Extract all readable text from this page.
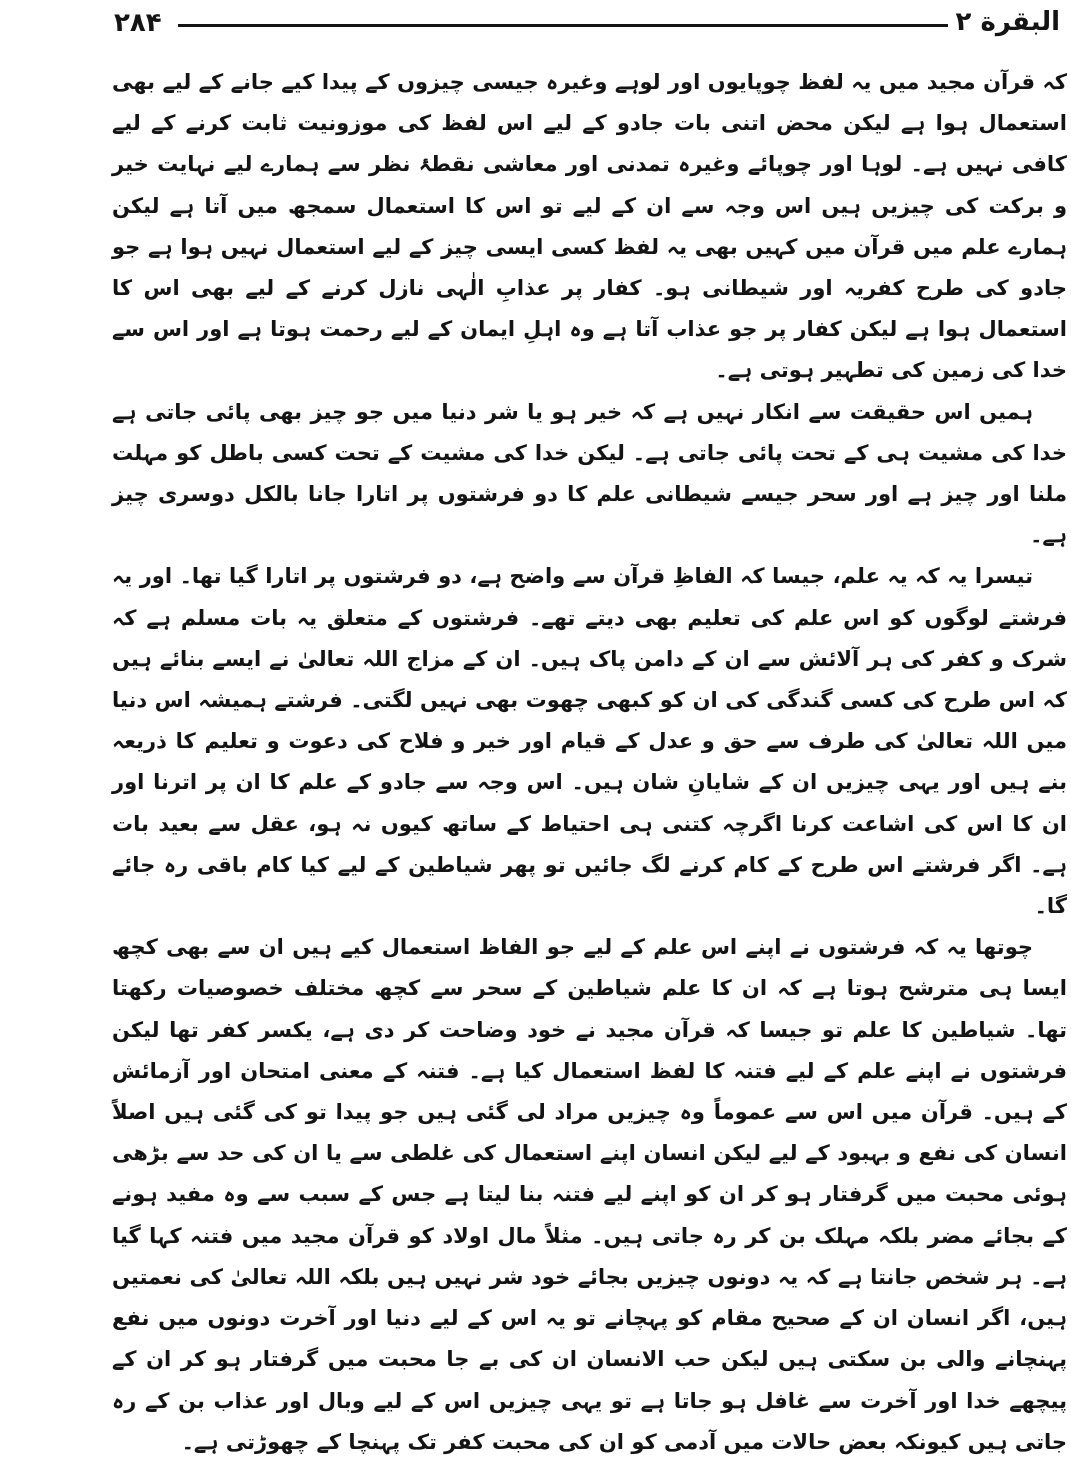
۲۸۴	البقرة ۲

کہ قرآن مجید میں یہ لفظ چوپایوں اور لوہے وغیرہ جیسی چیزوں کے پیدا کیے جانے کے لیے بھی استعمال ہوا ہے لیکن محض اتنی بات جادو کے لیے اس لفظ کی موزونیت ثابت کرنے کے لیے کافی نہیں ہے۔ لوہا اور چوپائے وغیرہ تمدنی اور معاشی نقطۂ نظر سے ہمارے لیے نہایت خیر و برکت کی چیزیں ہیں اس وجہ سے ان کے لیے تو اس کا استعمال سمجھ میں آتا ہے لیکن ہمارے علم میں قرآن میں کہیں بھی یہ لفظ کسی ایسی چیز کے لیے استعمال نہیں ہوا ہے جو جادو کی طرح کفریہ اور شیطانی ہو۔ کفار پر عذابِ الٰہی نازل کرنے کے لیے بھی اس کا استعمال ہوا ہے لیکن کفار پر جو عذاب آتا ہے وہ اہلِ ایمان کے لیے رحمت ہوتا ہے اور اس سے خدا کی زمین کی تطہیر ہوتی ہے۔

ہمیں اس حقیقت سے انکار نہیں ہے کہ خیر ہو یا شر دنیا میں جو چیز بھی پائی جاتی ہے خدا کی مشیت ہی کے تحت پائی جاتی ہے۔ لیکن خدا کی مشیت کے تحت کسی باطل کو مہلت ملنا اور چیز ہے اور سحر جیسے شیطانی علم کا دو فرشتوں پر اتارا جانا بالکل دوسری چیز ہے۔

تیسرا یہ کہ یہ علم، جیسا کہ الفاظِ قرآن سے واضح ہے، دو فرشتوں پر اتارا گیا تھا۔ اور یہ فرشتے لوگوں کو اس علم کی تعلیم بھی دیتے تھے۔ فرشتوں کے متعلق یہ بات مسلم ہے کہ شرک و کفر کی ہر آلائش سے ان کے دامن پاک ہیں۔ ان کے مزاج اللہ تعالیٰ نے ایسے بنائے ہیں کہ اس طرح کی کسی گندگی کی ان کو کبھی چھوت بھی نہیں لگتی۔ فرشتے ہمیشہ اس دنیا میں اللہ تعالیٰ کی طرف سے حق و عدل کے قیام اور خیر و فلاح کی دعوت و تعلیم کا ذریعہ بنے ہیں اور یہی چیزیں ان کے شایانِ شان ہیں۔ اس وجہ سے جادو کے علم کا ان پر اترنا اور ان کا اس کی اشاعت کرنا اگرچہ کتنی ہی احتیاط کے ساتھ کیوں نہ ہو، عقل سے بعید بات ہے۔ اگر فرشتے اس طرح کے کام کرنے لگ جائیں تو پھر شیاطین کے لیے کیا کام باقی رہ جائے گا۔

چوتھا یہ کہ فرشتوں نے اپنے اس علم کے لیے جو الفاظ استعمال کیے ہیں ان سے بھی کچھ ایسا ہی مترشح ہوتا ہے کہ ان کا علم شیاطین کے سحر سے کچھ مختلف خصوصیات رکھتا تھا۔ شیاطین کا علم تو جیسا کہ قرآن مجید نے خود وضاحت کر دی ہے، یکسر کفر تھا لیکن فرشتوں نے اپنے علم کے لیے فتنہ کا لفظ استعمال کیا ہے۔ فتنہ کے معنی امتحان اور آزمائش کے ہیں۔ قرآن میں اس سے عموماً وہ چیزیں مراد لی گئی ہیں جو پیدا تو کی گئی ہیں اصلاً انسان کی نفع و بہبود کے لیے لیکن انسان اپنے استعمال کی غلطی سے یا ان کی حد سے بڑھی ہوئی محبت میں گرفتار ہو کر ان کو اپنے لیے فتنہ بنا لیتا ہے جس کے سبب سے وہ مفید ہونے کے بجائے مضر بلکہ مہلک بن کر رہ جاتی ہیں۔ مثلاً مال اولاد کو قرآن مجید میں فتنہ کہا گیا ہے۔ ہر شخص جانتا ہے کہ یہ دونوں چیزیں بجائے خود شر نہیں ہیں بلکہ اللہ تعالیٰ کی نعمتیں ہیں، اگر انسان ان کے صحیح مقام کو پہچانے تو یہ اس کے لیے دنیا اور آخرت دونوں میں نفع پہنچانے والی بن سکتی ہیں لیکن حب الانسان ان کی بے جا محبت میں گرفتار ہو کر ان کے پیچھے خدا اور آخرت سے غافل ہو جاتا ہے تو یہی چیزیں اس کے لیے وبال اور عذاب بن کے رہ جاتی ہیں کیونکہ بعض حالات میں آدمی کو ان کی محبت کفر تک پہنچا کے چھوڑتی ہے۔
